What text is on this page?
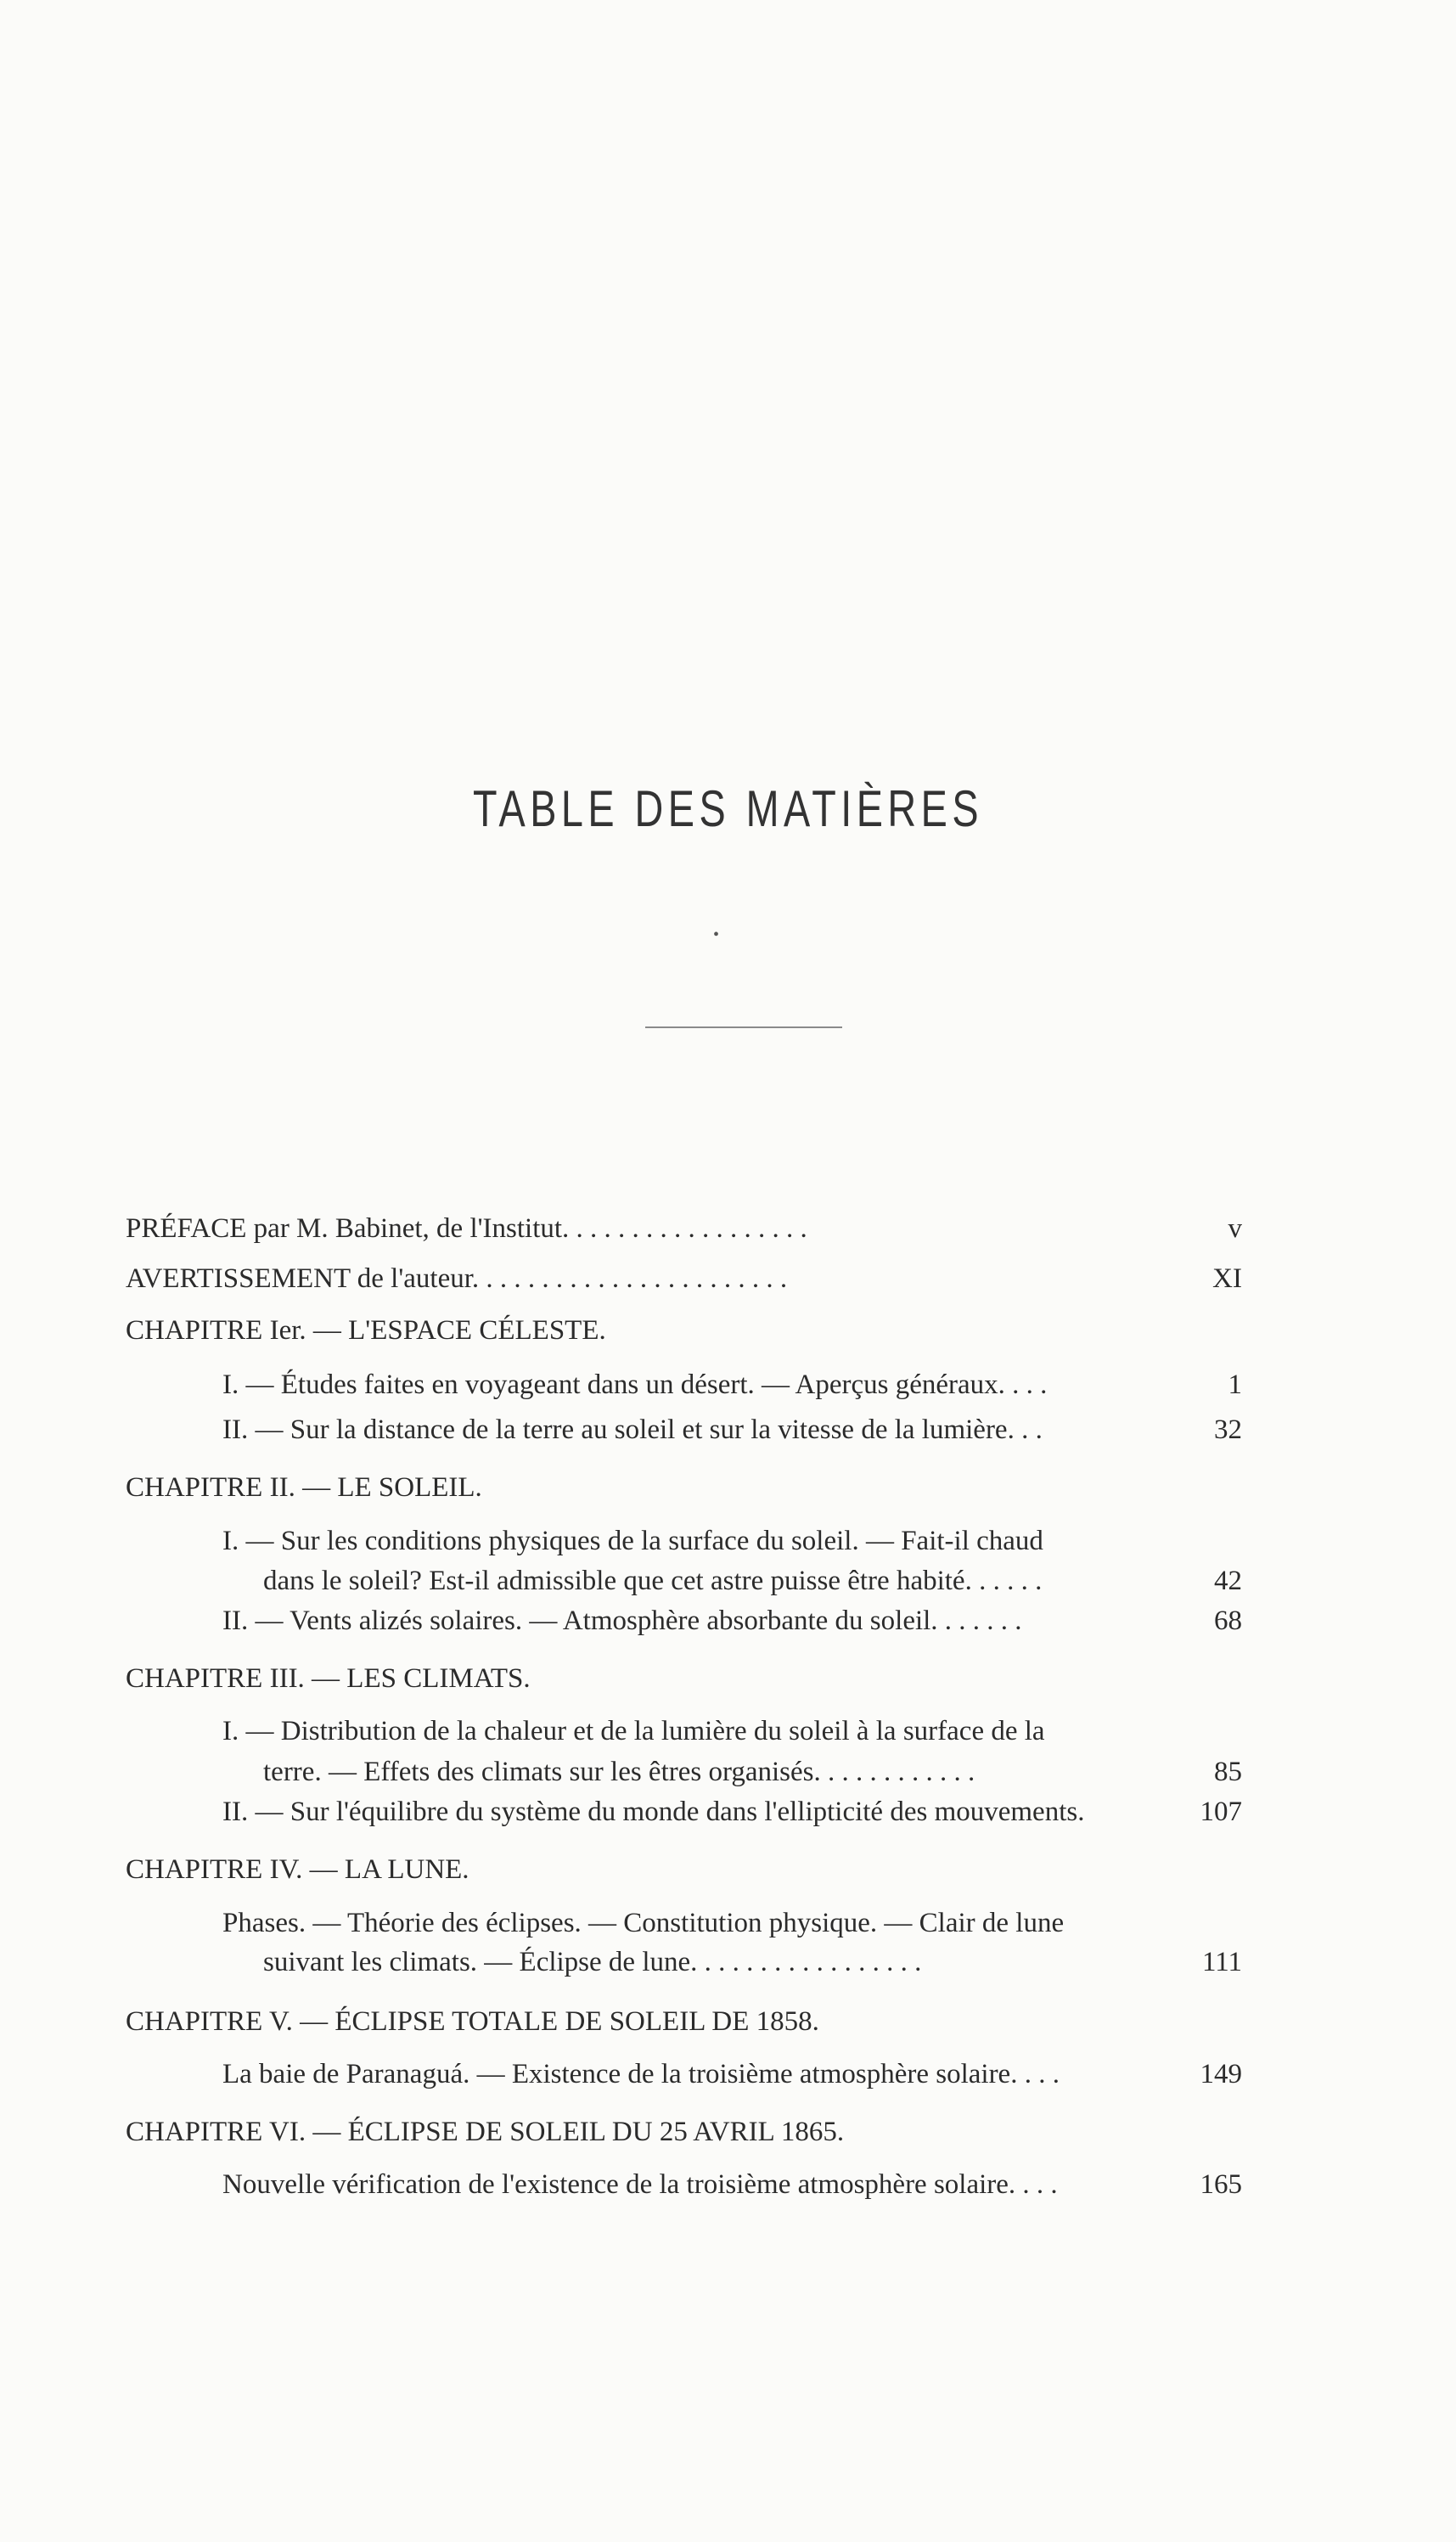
TABLE DES MATIÈRES
•
PRÉFACE par M. Babinet, de l'Institut. . . . . . . . . . . . . . . . . .	v
AVERTISSEMENT de l'auteur. . . . . . . . . . . . . . . . . . . . . . .	XI
CHAPITRE Ier. — L'ESPACE CÉLESTE.
I. — Études faites en voyageant dans un désert. — Aperçus généraux. . . .	1
II. — Sur la distance de la terre au soleil et sur la vitesse de la lumière. . .	32
CHAPITRE II. — LE SOLEIL.
I. — Sur les conditions physiques de la surface du soleil. — Fait-il chaud
dans le soleil? Est-il admissible que cet astre puisse être habité. . . . . .	42
II. — Vents alizés solaires. — Atmosphère absorbante du soleil. . . . . . .	68
CHAPITRE III. — LES CLIMATS.
I. — Distribution de la chaleur et de la lumière du soleil à la surface de la
terre. — Effets des climats sur les êtres organisés. . . . . . . . . . . .	85
II. — Sur l'équilibre du système du monde dans l'ellipticité des mouvements.	107
CHAPITRE IV. — LA LUNE.
Phases. — Théorie des éclipses. — Constitution physique. — Clair de lune
suivant les climats. — Éclipse de lune. . . . . . . . . . . . . . . . .	111
CHAPITRE V. — ÉCLIPSE TOTALE DE SOLEIL DE 1858.
La baie de Paranaguá. — Existence de la troisième atmosphère solaire. . . .	149
CHAPITRE VI. — ÉCLIPSE DE SOLEIL DU 25 AVRIL 1865.
Nouvelle vérification de l'existence de la troisième atmosphère solaire. . . .	165
